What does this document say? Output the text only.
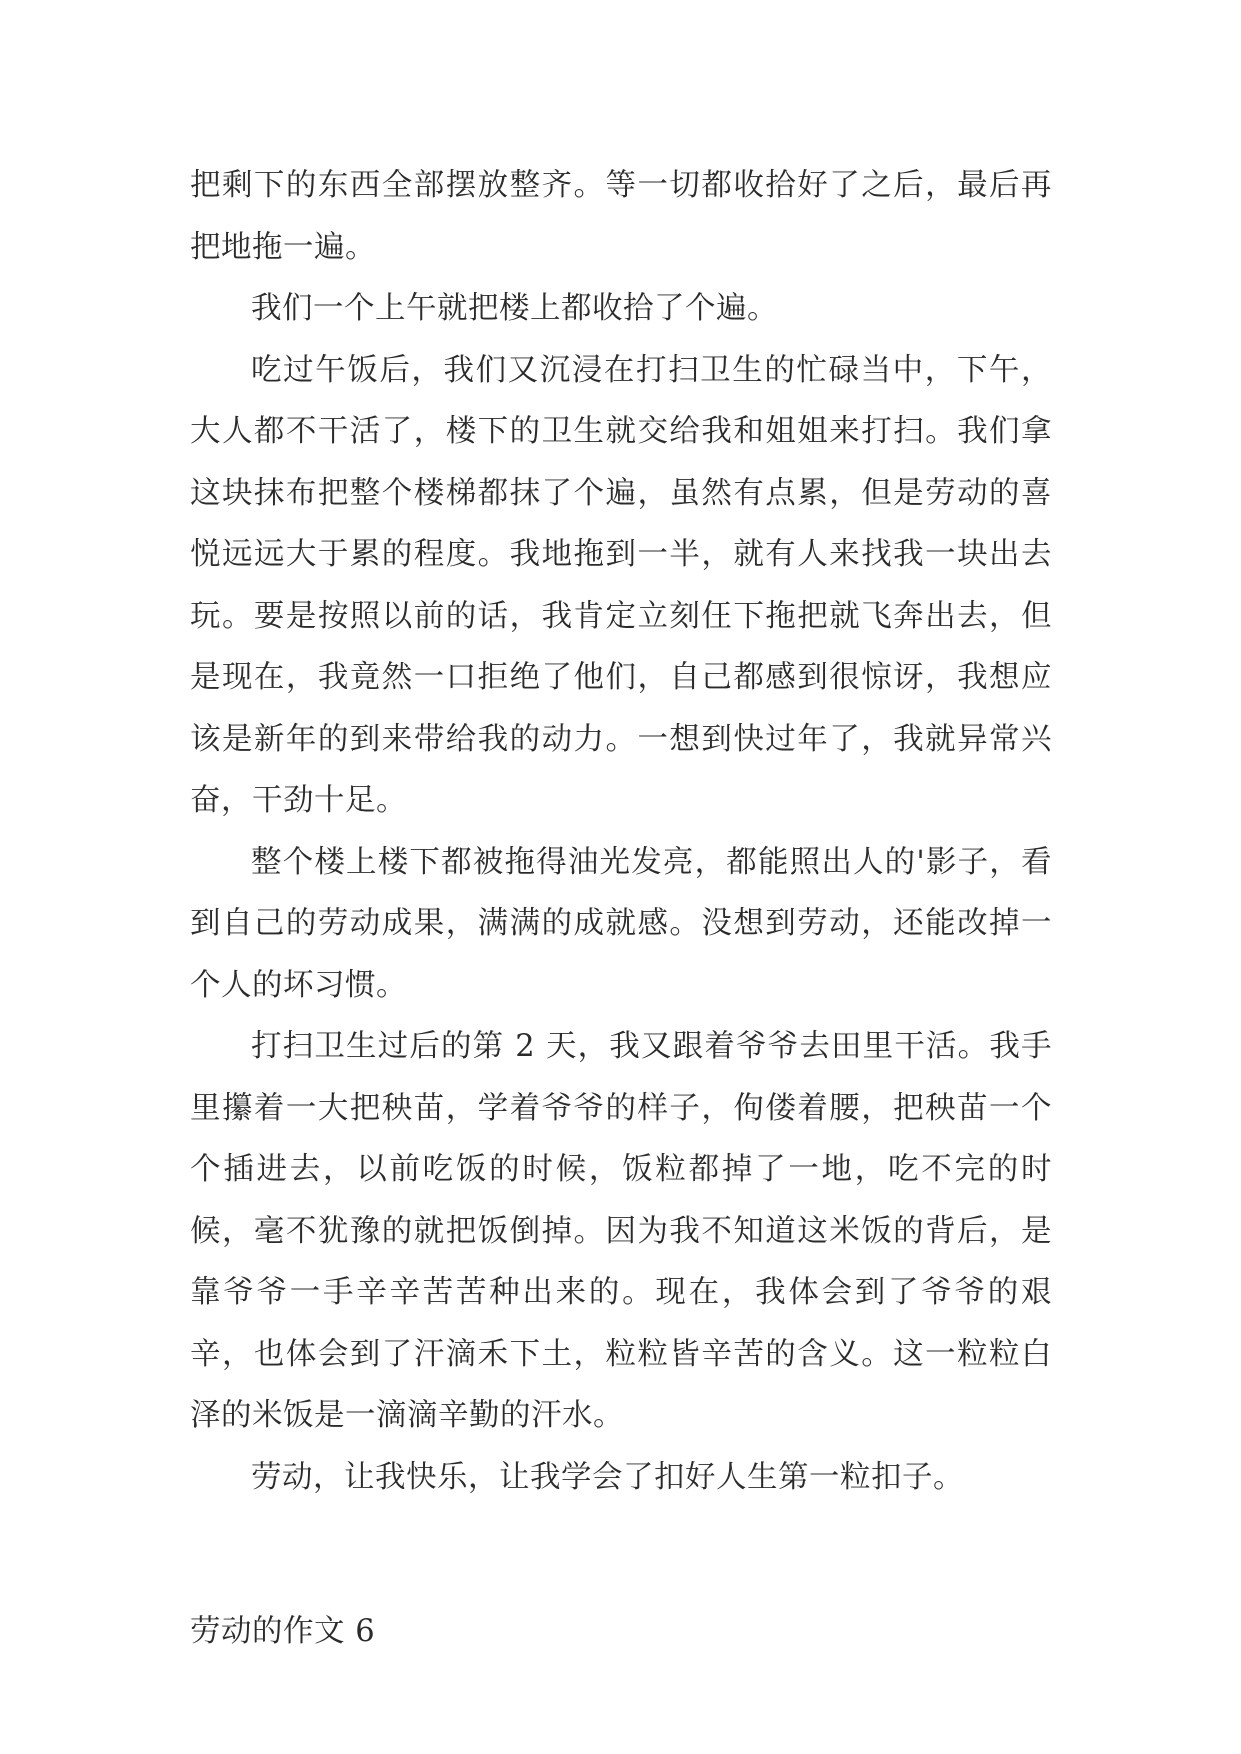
把剩下的东西全部摆放整齐。等一切都收拾好了之后，最后再把地拖一遍。

我们一个上午就把楼上都收拾了个遍。

吃过午饭后，我们又沉浸在打扫卫生的忙碌当中，下午，大人都不干活了，楼下的卫生就交给我和姐姐来打扫。我们拿这块抹布把整个楼梯都抹了个遍，虽然有点累，但是劳动的喜悦远远大于累的程度。我地拖到一半，就有人来找我一块出去玩。要是按照以前的话，我肯定立刻仼下拖把就飞奔出去，但是现在，我竟然一口拒绝了他们，自己都感到很惊讶，我想应该是新年的到来带给我的动力。一想到快过年了，我就异常兴奋，干劲十足。

整个楼上楼下都被拖得油光发亮，都能照出人的'影子，看到自己的劳动成果，满满的成就感。没想到劳动，还能改掉一个人的坏习惯。

打扫卫生过后的第 2 天，我又跟着爷爷去田里干活。我手里攥着一大把秧苗，学着爷爷的样子，佝偻着腰，把秧苗一个个插进去，以前吃饭的时候，饭粒都掉了一地，吃不完的时候，毫不犹豫的就把饭倒掉。因为我不知道这米饭的背后，是靠爷爷一手辛辛苦苦种出来的。现在，我体会到了爷爷的艰辛，也体会到了汗滴禾下土，粒粒皆辛苦的含义。这一粒粒白泽的米饭是一滴滴辛勤的汗水。

劳动，让我快乐，让我学会了扣好人生第一粒扣子。

劳动的作文 6
